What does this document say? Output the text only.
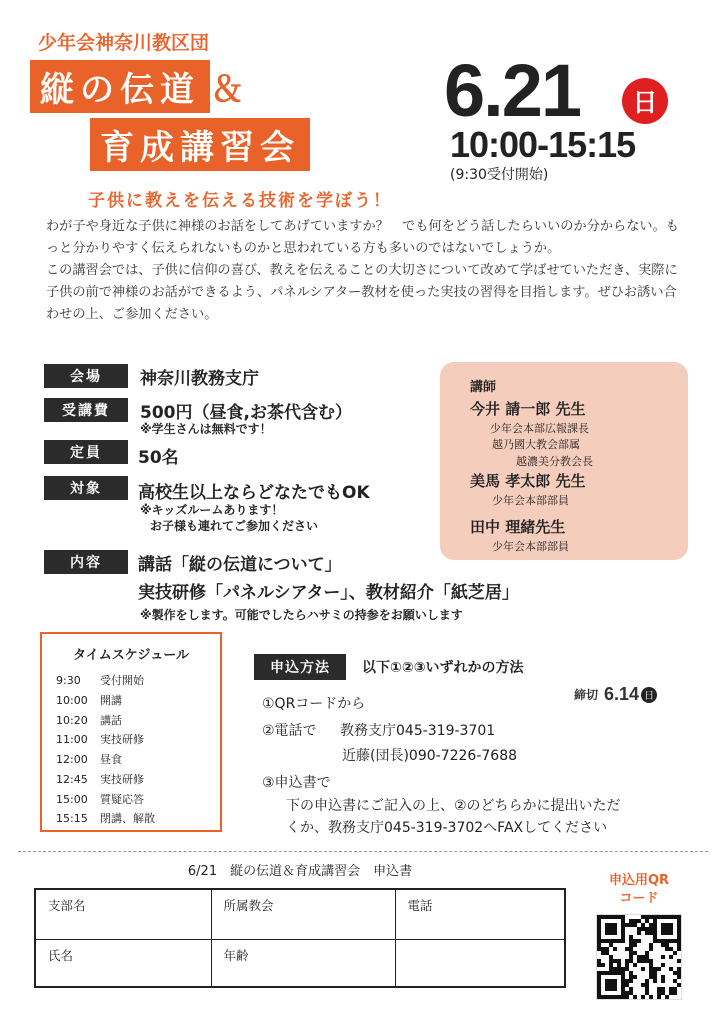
少年会神奈川教区団
縦の伝道 ＆
育成講習会
子供に教えを伝える技術を学ぼう！
6.21	日
10:00-15:15
(9:30受付開始)

わが子や身近な子供に神様のお話をしてあげていますか？　でも何をどう話したらいいのか分からない。もっと分かりやすく伝えられないものかと思われている方も多いのではないでしょうか。

この講習会では、子供に信仰の喜び、教えを伝えることの大切さについて改めて学ばせていただき、実際に子供の前で神様のお話ができるよう、パネルシアター教材を使った実技の習得を目指します。ぜひお誘い合わせの上、ご参加ください。

会場	神奈川教務支庁
受講費	500円（昼食,お茶代含む）
※学生さんは無料です！
定員	50名
対象	高校生以上ならどなたでもOK
※キッズルームあります！
お子様も連れてご参加ください
内容	講話「縦の伝道について」
実技研修「パネルシアター」、教材紹介「紙芝居」
※製作をします。可能でしたらハサミの持参をお願いします
講師
今井 請一郎 先生
少年会本部広報課長
越乃國大教会部属
越濃美分教会長
美馬 孝太郎 先生
少年会本部部員
田中 理緒先生
少年会本部部員
タイムスケジュール
9:30 受付開始
10:00 開講
10:20 講話
11:00 実技研修
12:00 昼食
12:45 実技研修
15:00 質疑応答
15:15 閉講、解散
申込方法	以下①②③いずれかの方法
締切 6.14 日
①QRコードから
②電話で 教務支庁045-319-3701
近藤(団長)090-7226-7688
③申込書で
下の申込書にご記入の上、②のどちらかに提出いただ
くか、教務支庁045-319-3702へFAXしてください
6/21　縦の伝道＆育成講習会　申込書
支部名	所属教会	電話
氏名	年齢	
申込用QR
コード
